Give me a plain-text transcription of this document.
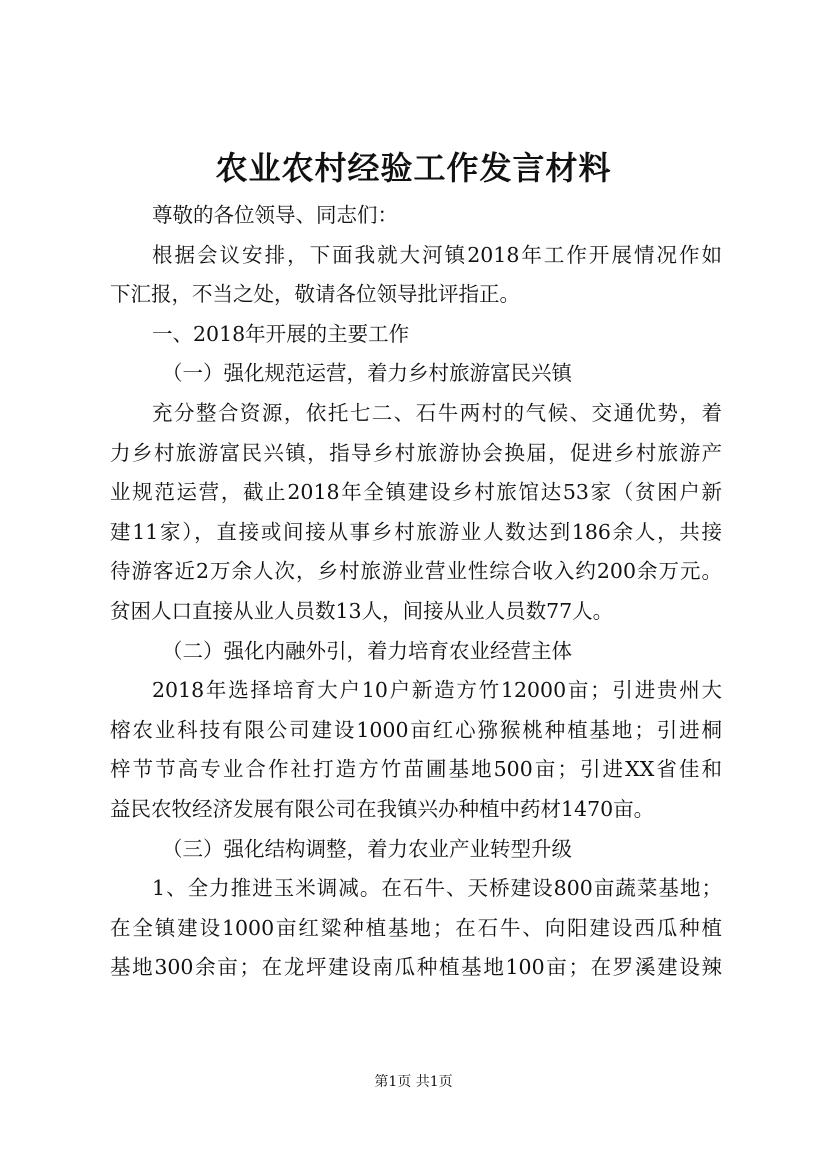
农业农村经验工作发言材料
尊敬的各位领导、同志们：
根据会议安排，下面我就大河镇2018年工作开展情况作如
下汇报，不当之处，敬请各位领导批评指正。
一、2018年开展的主要工作
（一）强化规范运营，着力乡村旅游富民兴镇
充分整合资源，依托七二、石牛两村的气候、交通优势，着
力乡村旅游富民兴镇，指导乡村旅游协会换届，促进乡村旅游产
业规范运营，截止2018年全镇建设乡村旅馆达53家（贫困户新
建11家），直接或间接从事乡村旅游业人数达到186余人，共接
待游客近2万余人次，乡村旅游业营业性综合收入约200余万元。
贫困人口直接从业人员数13人，间接从业人员数77人。
（二）强化内融外引，着力培育农业经营主体
2018年选择培育大户10户新造方竹12000亩；引进贵州大
榕农业科技有限公司建设1000亩红心猕猴桃种植基地；引进桐
梓节节高专业合作社打造方竹苗圃基地500亩；引进XX省佳和
益民农牧经济发展有限公司在我镇兴办种植中药材1470亩。
（三）强化结构调整，着力农业产业转型升级
1、全力推进玉米调减。在石牛、天桥建设800亩蔬菜基地；
在全镇建设1000亩红粱种植基地；在石牛、向阳建设西瓜种植
基地300余亩；在龙坪建设南瓜种植基地100亩；在罗溪建设辣
第1页 共1页
